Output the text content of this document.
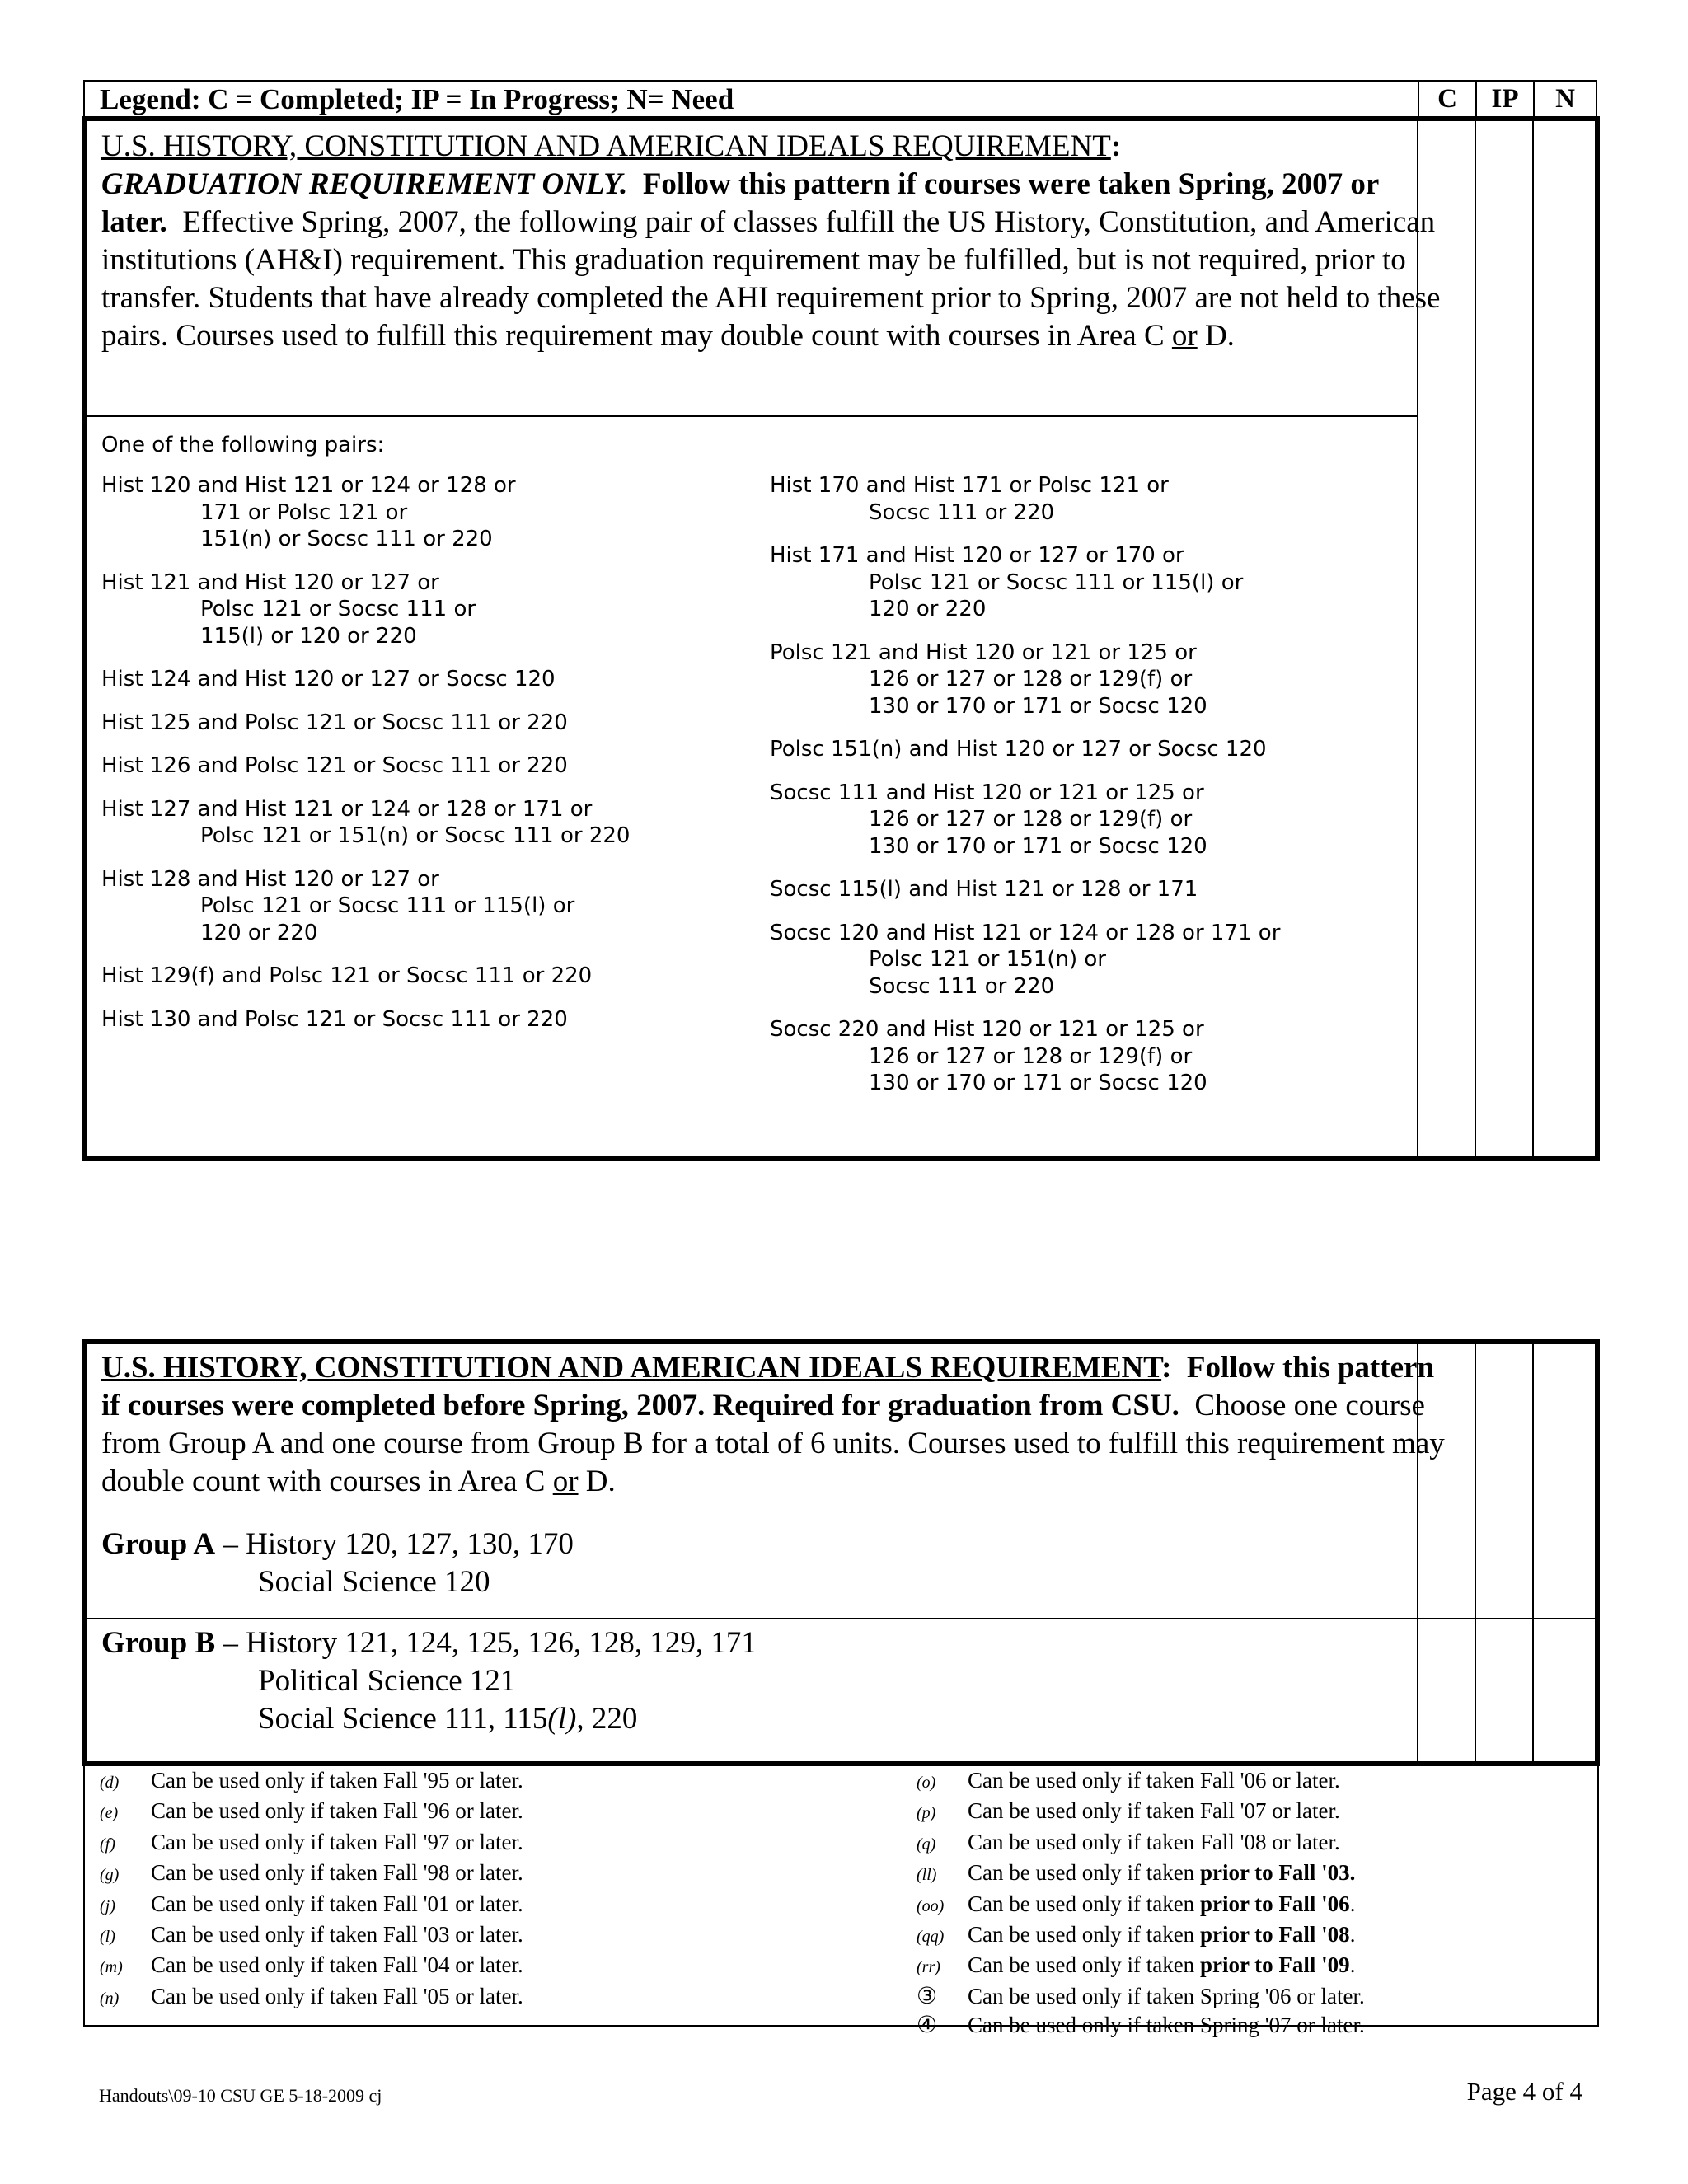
Legend: C = Completed; IP = In Progress; N= Need	C	IP	N
U.S. HISTORY, CONSTITUTION AND AMERICAN IDEALS REQUIREMENT:
GRADUATION REQUIREMENT ONLY. Follow this pattern if courses were taken Spring, 2007 or later. Effective Spring, 2007, the following pair of classes fulfill the US History, Constitution, and American institutions (AH&I) requirement. This graduation requirement may be fulfilled, but is not required, prior to transfer. Students that have already completed the AHI requirement prior to Spring, 2007 are not held to these pairs. Courses used to fulfill this requirement may double count with courses in Area C or D.
One of the following pairs:
Hist 120 and Hist 121 or 124 or 128 or
171 or Polsc 121 or
151(n) or Socsc 111 or 220
Hist 121 and Hist 120 or 127 or
Polsc 121 or Socsc 111 or
115(l) or 120 or 220
Hist 124 and Hist 120 or 127 or Socsc 120
Hist 125 and Polsc 121 or Socsc 111 or 220
Hist 126 and Polsc 121 or Socsc 111 or 220
Hist 127 and Hist 121 or 124 or 128 or 171 or
Polsc 121 or 151(n) or Socsc 111 or 220
Hist 128 and Hist 120 or 127 or
Polsc 121 or Socsc 111 or 115(l) or
120 or 220
Hist 129(f) and Polsc 121 or Socsc 111 or 220
Hist 130 and Polsc 121 or Socsc 111 or 220
Hist 170 and Hist 171 or Polsc 121 or
Socsc 111 or 220
Hist 171 and Hist 120 or 127 or 170 or
Polsc 121 or Socsc 111 or 115(l) or
120 or 220
Polsc 121 and Hist 120 or 121 or 125 or
126 or 127 or 128 or 129(f) or
130 or 170 or 171 or Socsc 120
Polsc 151(n) and Hist 120 or 127 or Socsc 120
Socsc 111 and Hist 120 or 121 or 125 or
126 or 127 or 128 or 129(f) or
130 or 170 or 171 or Socsc 120
Socsc 115(l) and Hist 121 or 128 or 171
Socsc 120 and Hist 121 or 124 or 128 or 171 or
Polsc 121 or 151(n) or
Socsc 111 or 220
Socsc 220 and Hist 120 or 121 or 125 or
126 or 127 or 128 or 129(f) or
130 or 170 or 171 or Socsc 120
U.S. HISTORY, CONSTITUTION AND AMERICAN IDEALS REQUIREMENT: Follow this pattern if courses were completed before Spring, 2007. Required for graduation from CSU. Choose one course from Group A and one course from Group B for a total of 6 units. Courses used to fulfill this requirement may double count with courses in Area C or D.
Group A – History 120, 127, 130, 170
Social Science 120
Group B – History 121, 124, 125, 126, 128, 129, 171
Political Science 121
Social Science 111, 115(l), 220
(d) Can be used only if taken Fall '95 or later.
(e) Can be used only if taken Fall '96 or later.
(f) Can be used only if taken Fall '97 or later.
(g) Can be used only if taken Fall '98 or later.
(j) Can be used only if taken Fall '01 or later.
(l) Can be used only if taken Fall '03 or later.
(m) Can be used only if taken Fall '04 or later.
(n) Can be used only if taken Fall '05 or later.
(o) Can be used only if taken Fall '06 or later.
(p) Can be used only if taken Fall '07 or later.
(q) Can be used only if taken Fall '08 or later.
(ll) Can be used only if taken prior to Fall '03.
(oo) Can be used only if taken prior to Fall '06.
(qq) Can be used only if taken prior to Fall '08.
(rr) Can be used only if taken prior to Fall '09.
③ Can be used only if taken Spring '06 or later.
④ Can be used only if taken Spring '07 or later.
Handouts\09-10 CSU GE 5-18-2009 cj	Page 4 of 4
